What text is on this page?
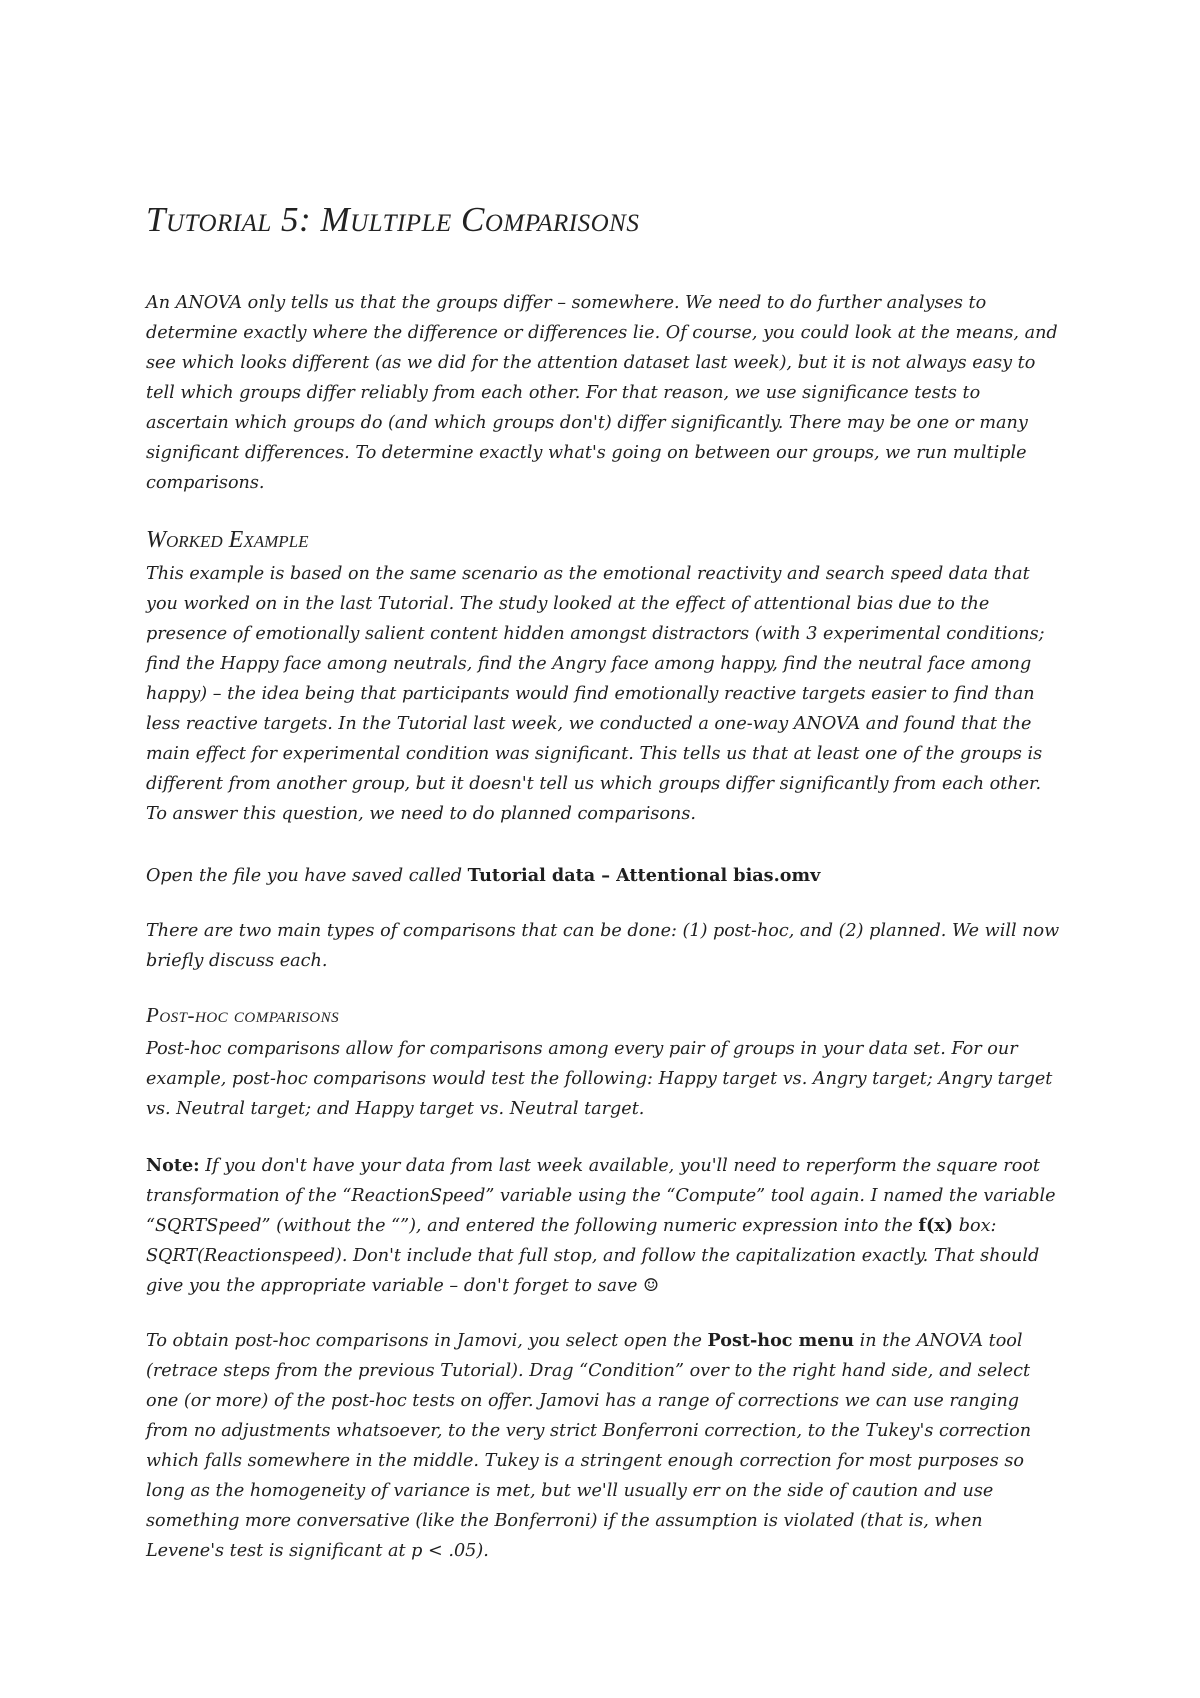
Tutorial 5: Multiple Comparisons

An ANOVA only tells us that the groups differ – somewhere. We need to do further analyses to determine exactly where the difference or differences lie. Of course, you could look at the means, and see which looks different (as we did for the attention dataset last week), but it is not always easy to tell which groups differ reliably from each other. For that reason, we use significance tests to ascertain which groups do (and which groups don't) differ significantly. There may be one or many significant differences. To determine exactly what's going on between our groups, we run multiple comparisons.

Worked Example

This example is based on the same scenario as the emotional reactivity and search speed data that you worked on in the last Tutorial. The study looked at the effect of attentional bias due to the presence of emotionally salient content hidden amongst distractors (with 3 experimental conditions; find the Happy face among neutrals, find the Angry face among happy, find the neutral face among happy) – the idea being that participants would find emotionally reactive targets easier to find than less reactive targets. In the Tutorial last week, we conducted a one-way ANOVA and found that the main effect for experimental condition was significant. This tells us that at least one of the groups is different from another group, but it doesn't tell us which groups differ significantly from each other. To answer this question, we need to do planned comparisons.

Open the file you have saved called Tutorial data – Attentional bias.omv

There are two main types of comparisons that can be done: (1) post-hoc, and (2) planned. We will now briefly discuss each.

Post-hoc comparisons

Post-hoc comparisons allow for comparisons among every pair of groups in your data set. For our example, post-hoc comparisons would test the following: Happy target vs. Angry target; Angry target vs. Neutral target; and Happy target vs. Neutral target.

Note: If you don't have your data from last week available, you'll need to reperform the square root transformation of the “ReactionSpeed” variable using the “Compute” tool again. I named the variable “SQRTSpeed” (without the “”), and entered the following numeric expression into the f(x) box: SQRT(Reactionspeed). Don't include that full stop, and follow the capitalization exactly. That should give you the appropriate variable – don't forget to save ☺

To obtain post-hoc comparisons in Jamovi, you select open the Post-hoc menu in the ANOVA tool (retrace steps from the previous Tutorial). Drag “Condition” over to the right hand side, and select one (or more) of the post-hoc tests on offer. Jamovi has a range of corrections we can use ranging from no adjustments whatsoever, to the very strict Bonferroni correction, to the Tukey's correction which falls somewhere in the middle. Tukey is a stringent enough correction for most purposes so long as the homogeneity of variance is met, but we'll usually err on the side of caution and use something more conversative (like the Bonferroni) if the assumption is violated (that is, when Levene's test is significant at p < .05).
